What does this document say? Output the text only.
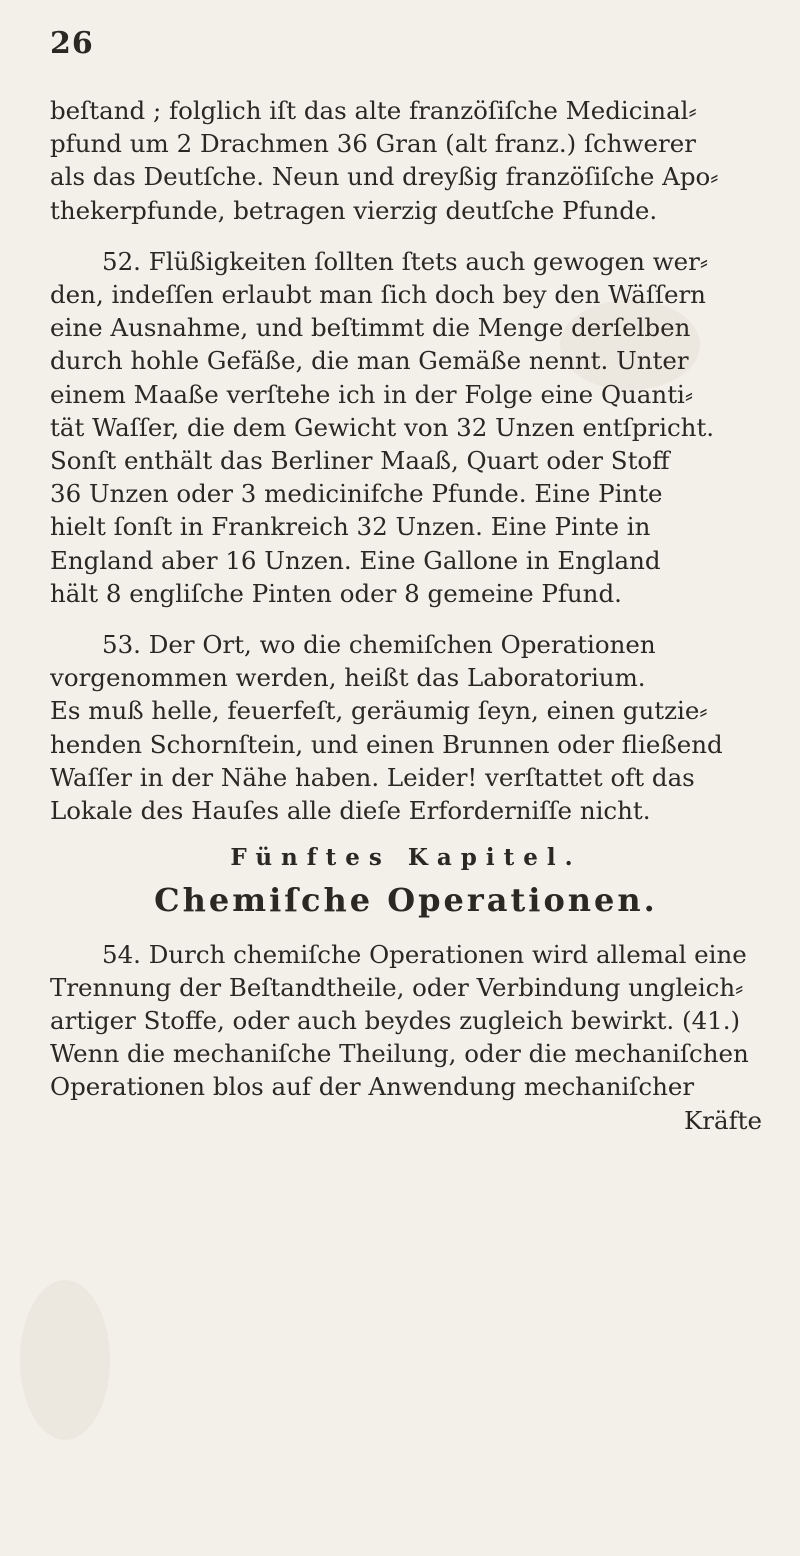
26
beſtand ; folglich iſt das alte franzöſiſche Medicinal⸗
pfund um 2 Drachmen 36 Gran (alt franz.) ſchwerer
als das Deutſche. Neun und dreyßig franzöſiſche Apo⸗
thekerpfunde, betragen vierzig deutſche Pfunde.
52. Flüßigkeiten ſollten ſtets auch gewogen wer⸗
den, indeſſen erlaubt man ſich doch bey den Wäſſern
eine Ausnahme, und beſtimmt die Menge derſelben
durch hohle Gefäße, die man Gemäße nennt. Unter
einem Maaße verſtehe ich in der Folge eine Quanti⸗
tät Waſſer, die dem Gewicht von 32 Unzen entſpricht.
Sonſt enthält das Berliner Maaß, Quart oder Stoff
36 Unzen oder 3 medicinifche Pfunde. Eine Pinte
hielt ſonſt in Frankreich 32 Unzen. Eine Pinte in
England aber 16 Unzen. Eine Gallone in England
hält 8 engliſche Pinten oder 8 gemeine Pfund.
53. Der Ort, wo die chemiſchen Operationen
vorgenommen werden, heißt das Laboratorium.
Es muß helle, feuerfeſt, geräumig ſeyn, einen gutzie⸗
henden Schornſtein, und einen Brunnen oder fließend
Waſſer in der Nähe haben. Leider! verſtattet oft das
Lokale des Hauſes alle dieſe Erforderniſſe nicht.
Fünftes Kapitel.
Chemiſche Operationen.
54. Durch chemiſche Operationen wird allemal eine
Trennung der Beſtandtheile, oder Verbindung ungleich⸗
artiger Stoffe, oder auch beydes zugleich bewirkt. (41.)
Wenn die mechaniſche Theilung, oder die mechaniſchen
Operationen blos auf der Anwendung mechaniſcher
Kräfte
